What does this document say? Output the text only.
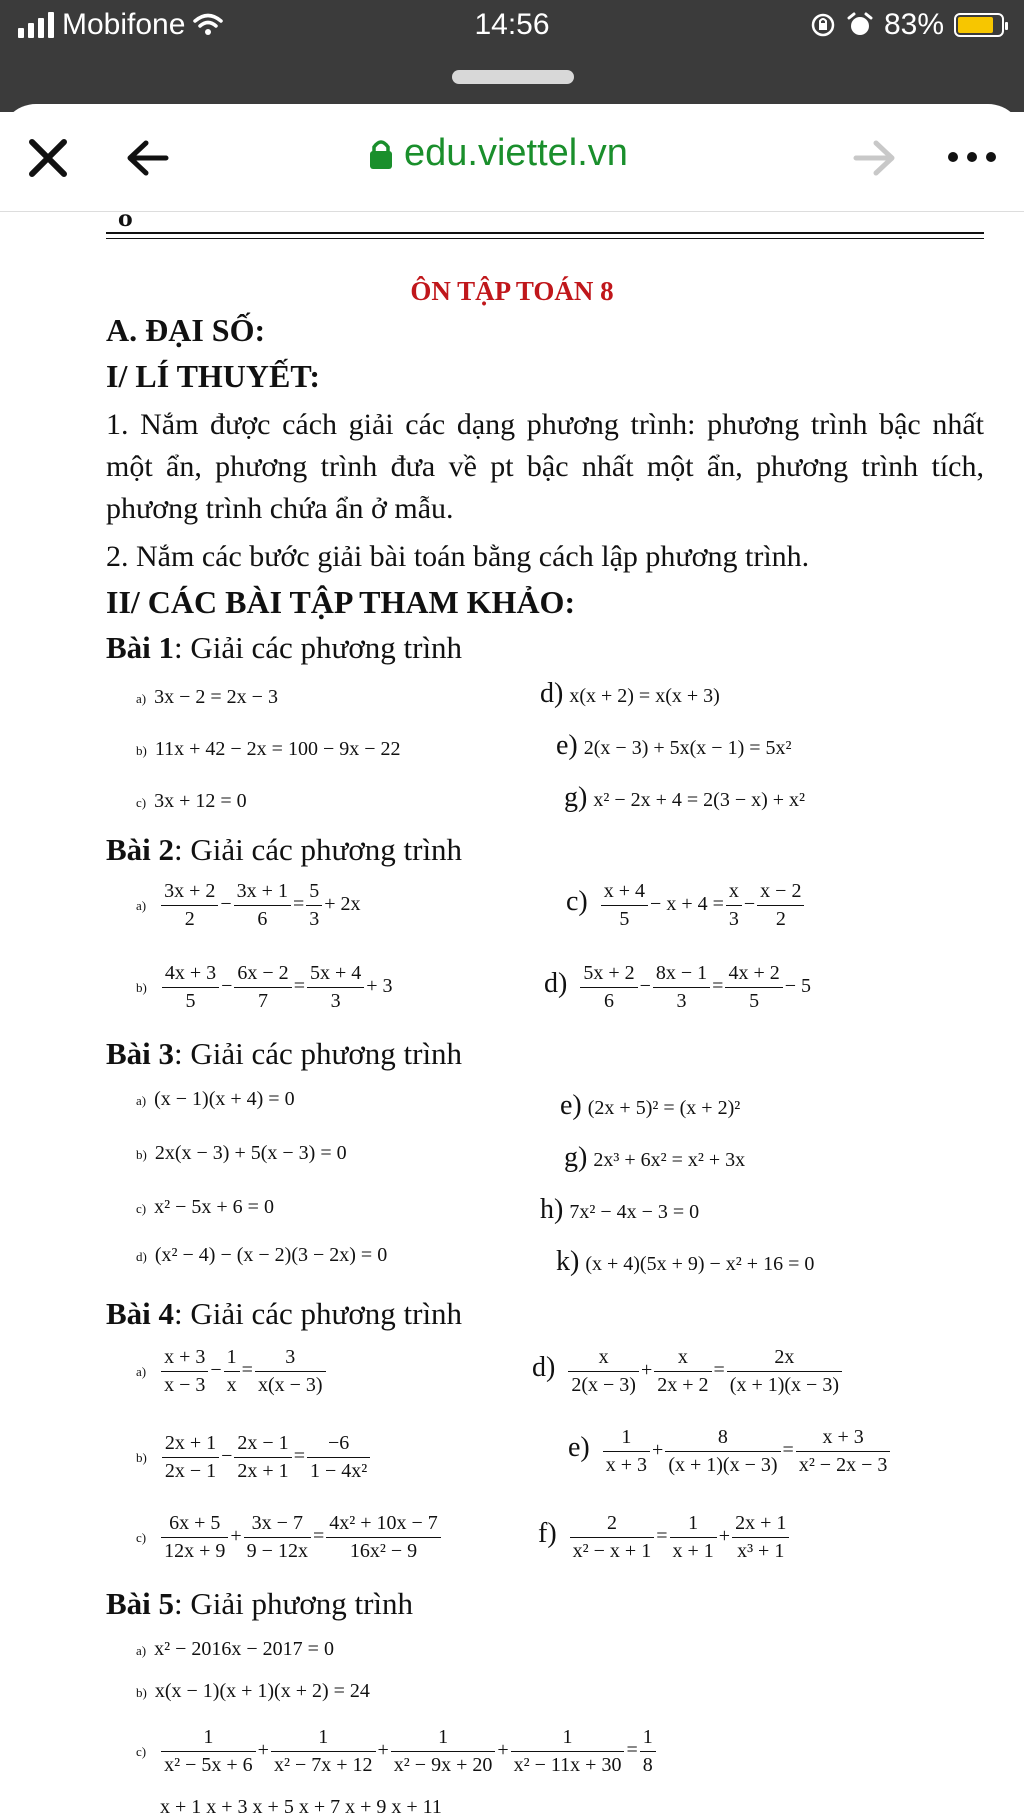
Mobifone	14:56	83%
edu.viettel.vn
o
ÔN TẬP TOÁN 8
A. ĐẠI SỐ:
I/ LÍ THUYẾT:
1. Nắm được cách giải các dạng phương trình: phương trình bậc nhất một ẩn, phương trình đưa về pt bậc nhất một ẩn, phương trình tích, phương trình chứa ẩn ở mẫu.
2. Nắm các bước giải bài toán bằng cách lập phương trình.
II/ CÁC BÀI TẬP THAM KHẢO:
Bài 1: Giải các phương trình
a) 3x − 2 = 2x − 3
b) 11x + 42 − 2x = 100 − 9x − 22
c) 3x + 12 = 0
d) x(x + 2) = x(x + 3)
e) 2(x − 3) + 5x(x − 1) = 5x²
g) x² − 2x + 4 = 2(3 − x) + x²
Bài 2: Giải các phương trình
$a) \frac{3x + 2}{2} - \frac{3x + 1}{6} = \frac{5}{3} + 2x$
$b) \frac{4x + 3}{5} - \frac{6x - 2}{7} = \frac{5x + 4}{3} + 3$
$c) \frac{x + 4}{5} - x + 4 = \frac{x}{3} - \frac{x - 2}{2}$
$d) \frac{5x + 2}{6} - \frac{8x - 1}{3} = \frac{4x + 2}{5} - 5$
Bài 3: Giải các phương trình
a) (x − 1)(x + 4) = 0
b) 2x(x − 3) + 5(x − 3) = 0
c) x² − 5x + 6 = 0
d) (x² − 4) − (x − 2)(3 − 2x) = 0
e) (2x + 5)² = (x + 2)²
g) 2x³ + 6x² = x² + 3x
h) 7x² − 4x − 3 = 0
k) (x + 4)(5x + 9) − x² + 16 = 0
Bài 4: Giải các phương trình
$a) \frac{x + 3}{x - 3} - \frac{1}{x} = \frac{3}{x(x - 3)}$
$b) \frac{2x + 1}{2x - 1} - \frac{2x - 1}{2x + 1} = \frac{-6}{\text{1 − 4x²}}$
$c) \frac{6x + 5}{12x + 9} + \frac{3x - 7}{9 - 12x} = \frac{\text{4x² + 10x − 7}}{\text{16x² − 9}}$
$d) \frac{x}{2(x - 3)} + \frac{x}{2x + 2} = \frac{2x}{(x + 1)(x - 3)}$
$e) \frac{1}{x + 3} + \frac{8}{(x + 1)(x - 3)} = \frac{x + 3}{\text{x² − 2x − 3}}$
$f) \frac{2}{\text{x² − x + 1}} = \frac{1}{x + 1} + \frac{2x + 1}{\text{x³ + 1}}$
Bài 5: Giải phương trình
a) x² − 2016x − 2017 = 0
b) x(x − 1)(x + 1)(x + 2) = 24
$c) \frac{1}{\text{x² − 5x + 6}} + \frac{1}{\text{x² − 7x + 12}} + \frac{1}{\text{x² − 9x + 20}} + \frac{1}{\text{x² − 11x + 30}} = \frac{1}{8}$
x + 1 x + 3 x + 5 x + 7 x + 9 x + 11
